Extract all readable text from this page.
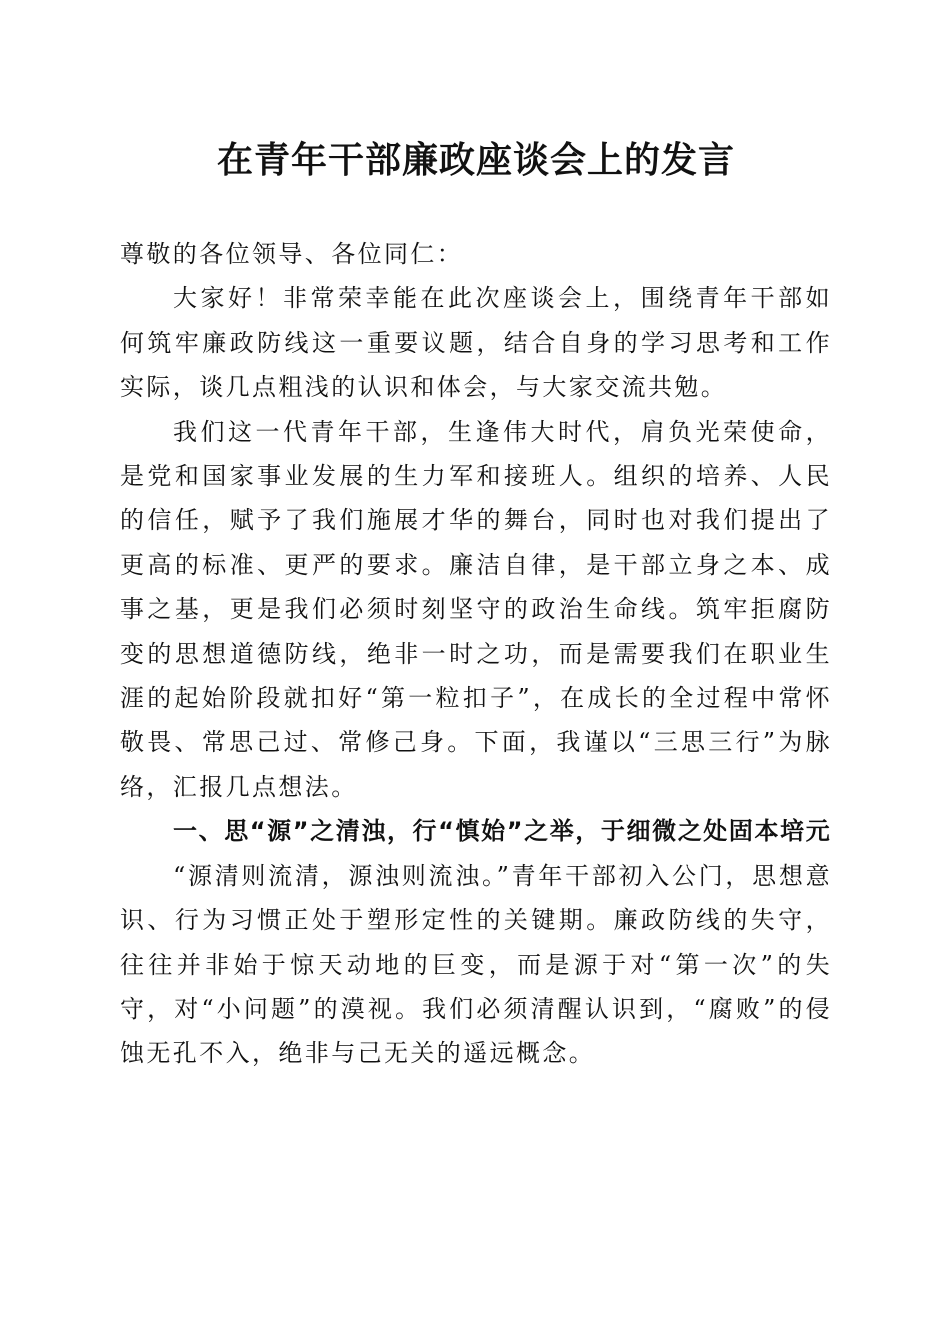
在青年干部廉政座谈会上的发言

尊敬的各位领导、各位同仁：

大家好！非常荣幸能在此次座谈会上，围绕青年干部如何筑牢廉政防线这一重要议题，结合自身的学习思考和工作实际，谈几点粗浅的认识和体会，与大家交流共勉。

我们这一代青年干部，生逢伟大时代，肩负光荣使命，是党和国家事业发展的生力军和接班人。组织的培养、人民的信任，赋予了我们施展才华的舞台，同时也对我们提出了更高的标准、更严的要求。廉洁自律，是干部立身之本、成事之基，更是我们必须时刻坚守的政治生命线。筑牢拒腐防变的思想道德防线，绝非一时之功，而是需要我们在职业生涯的起始阶段就扣好“第一粒扣子”，在成长的全过程中常怀敬畏、常思己过、常修己身。下面，我谨以“三思三行”为脉络，汇报几点想法。

一、思“源”之清浊，行“慎始”之举，于细微之处固本培元

“源清则流清，源浊则流浊。”青年干部初入公门，思想意识、行为习惯正处于塑形定性的关键期。廉政防线的失守，往往并非始于惊天动地的巨变，而是源于对“第一次”的失守，对“小问题”的漠视。我们必须清醒认识到，“腐败”的侵蚀无孔不入，绝非与己无关的遥远概念。
